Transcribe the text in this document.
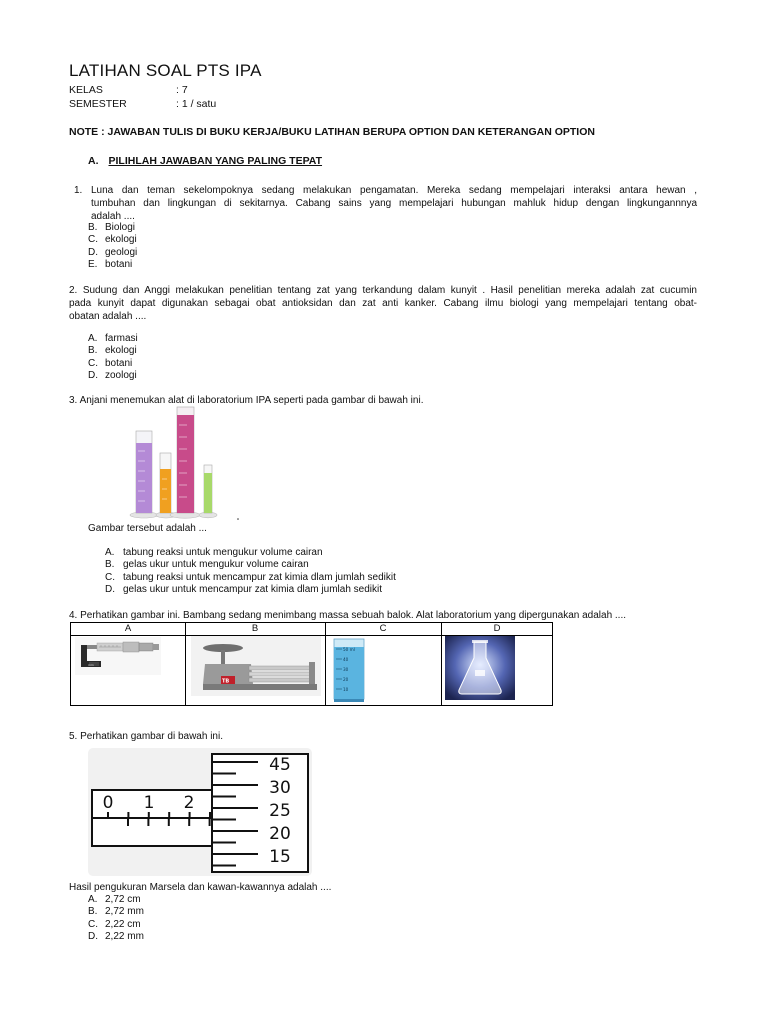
LATIHAN SOAL PTS IPA
KELAS	: 7
SEMESTER	: 1 / satu
NOTE : JAWABAN TULIS DI BUKU KERJA/BUKU LATIHAN BERUPA OPTION DAN KETERANGAN OPTION
A. PILIHLAH JAWABAN YANG PALING TEPAT
1. Luna dan teman sekelompoknya sedang melakukan pengamatan. Mereka sedang mempelajari interaksi antara hewan ,
tumbuhan dan lingkungan di sekitarnya. Cabang sains yang mempelajari hubungan mahluk hidup dengan lingkungannnya
adalah ....
B. Biologi
C. ekologi
D. geologi
E. botani
2. Sudung dan Anggi melakukan penelitian tentang zat yang terkandung dalam kunyit . Hasil penelitian mereka adalah zat cucumin
pada kunyit dapat digunakan sebagai obat antioksidan dan zat anti kanker. Cabang ilmu biologi yang mempelajari tentang obat-
obatan adalah ....
A. farmasi
B. ekologi
C. botani
D. zoologi
3. Anjani menemukan alat di laboratorium IPA seperti pada gambar di bawah ini.
Gambar tersebut adalah ...
A. tabung reaksi untuk mengukur volume cairan
B. gelas ukur untuk mengukur volume cairan
C. tabung reaksi untuk mencampur zat kimia dlam jumlah sedikit
D. gelas ukur untuk mencampur zat kimia dlam jumlah sedikit
4. Perhatikan gambar ini. Bambang sedang menimbang massa sebuah balok. Alat laboratorium yang dipergunakan adalah ....
A	B	C	D
mm
TB
50 ml
40
30
20
10
5. Perhatikan gambar di bawah ini.
0 1 2
45
30
25
20
15
Hasil pengukuran Marsela dan kawan-kawannya adalah ....
A. 2,72 cm
B. 2,72 mm
C. 2,22 cm
D. 2,22 mm
